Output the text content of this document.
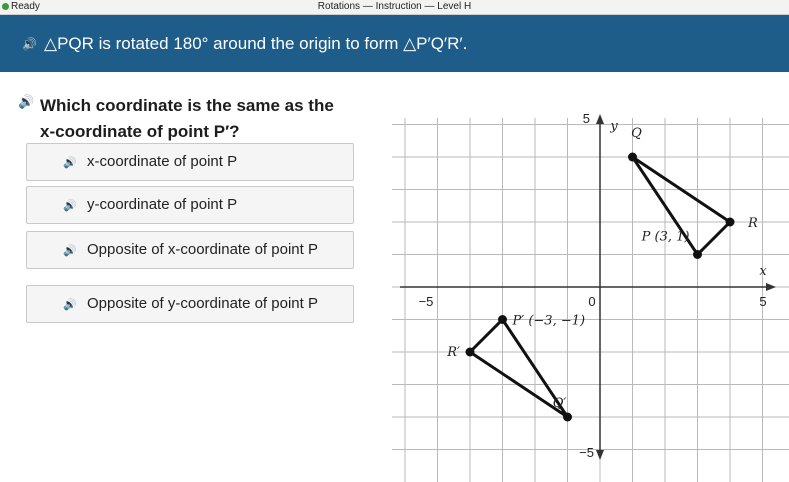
Ready	Rotations — Instruction — Level H
🔊 △PQR is rotated 180° around the origin to form △P′Q′R′.
🔊 Which coordinate is the same as the
x-coordinate of point P′?
🔊 x-coordinate of point P
🔊 y-coordinate of point P
🔊 Opposite of x-coordinate of point P
🔊 Opposite of y-coordinate of point P
5
−5
−5	5
0
x
y
P (3, 1)
Q
R
P′ (−3, −1)
Q′
R′
